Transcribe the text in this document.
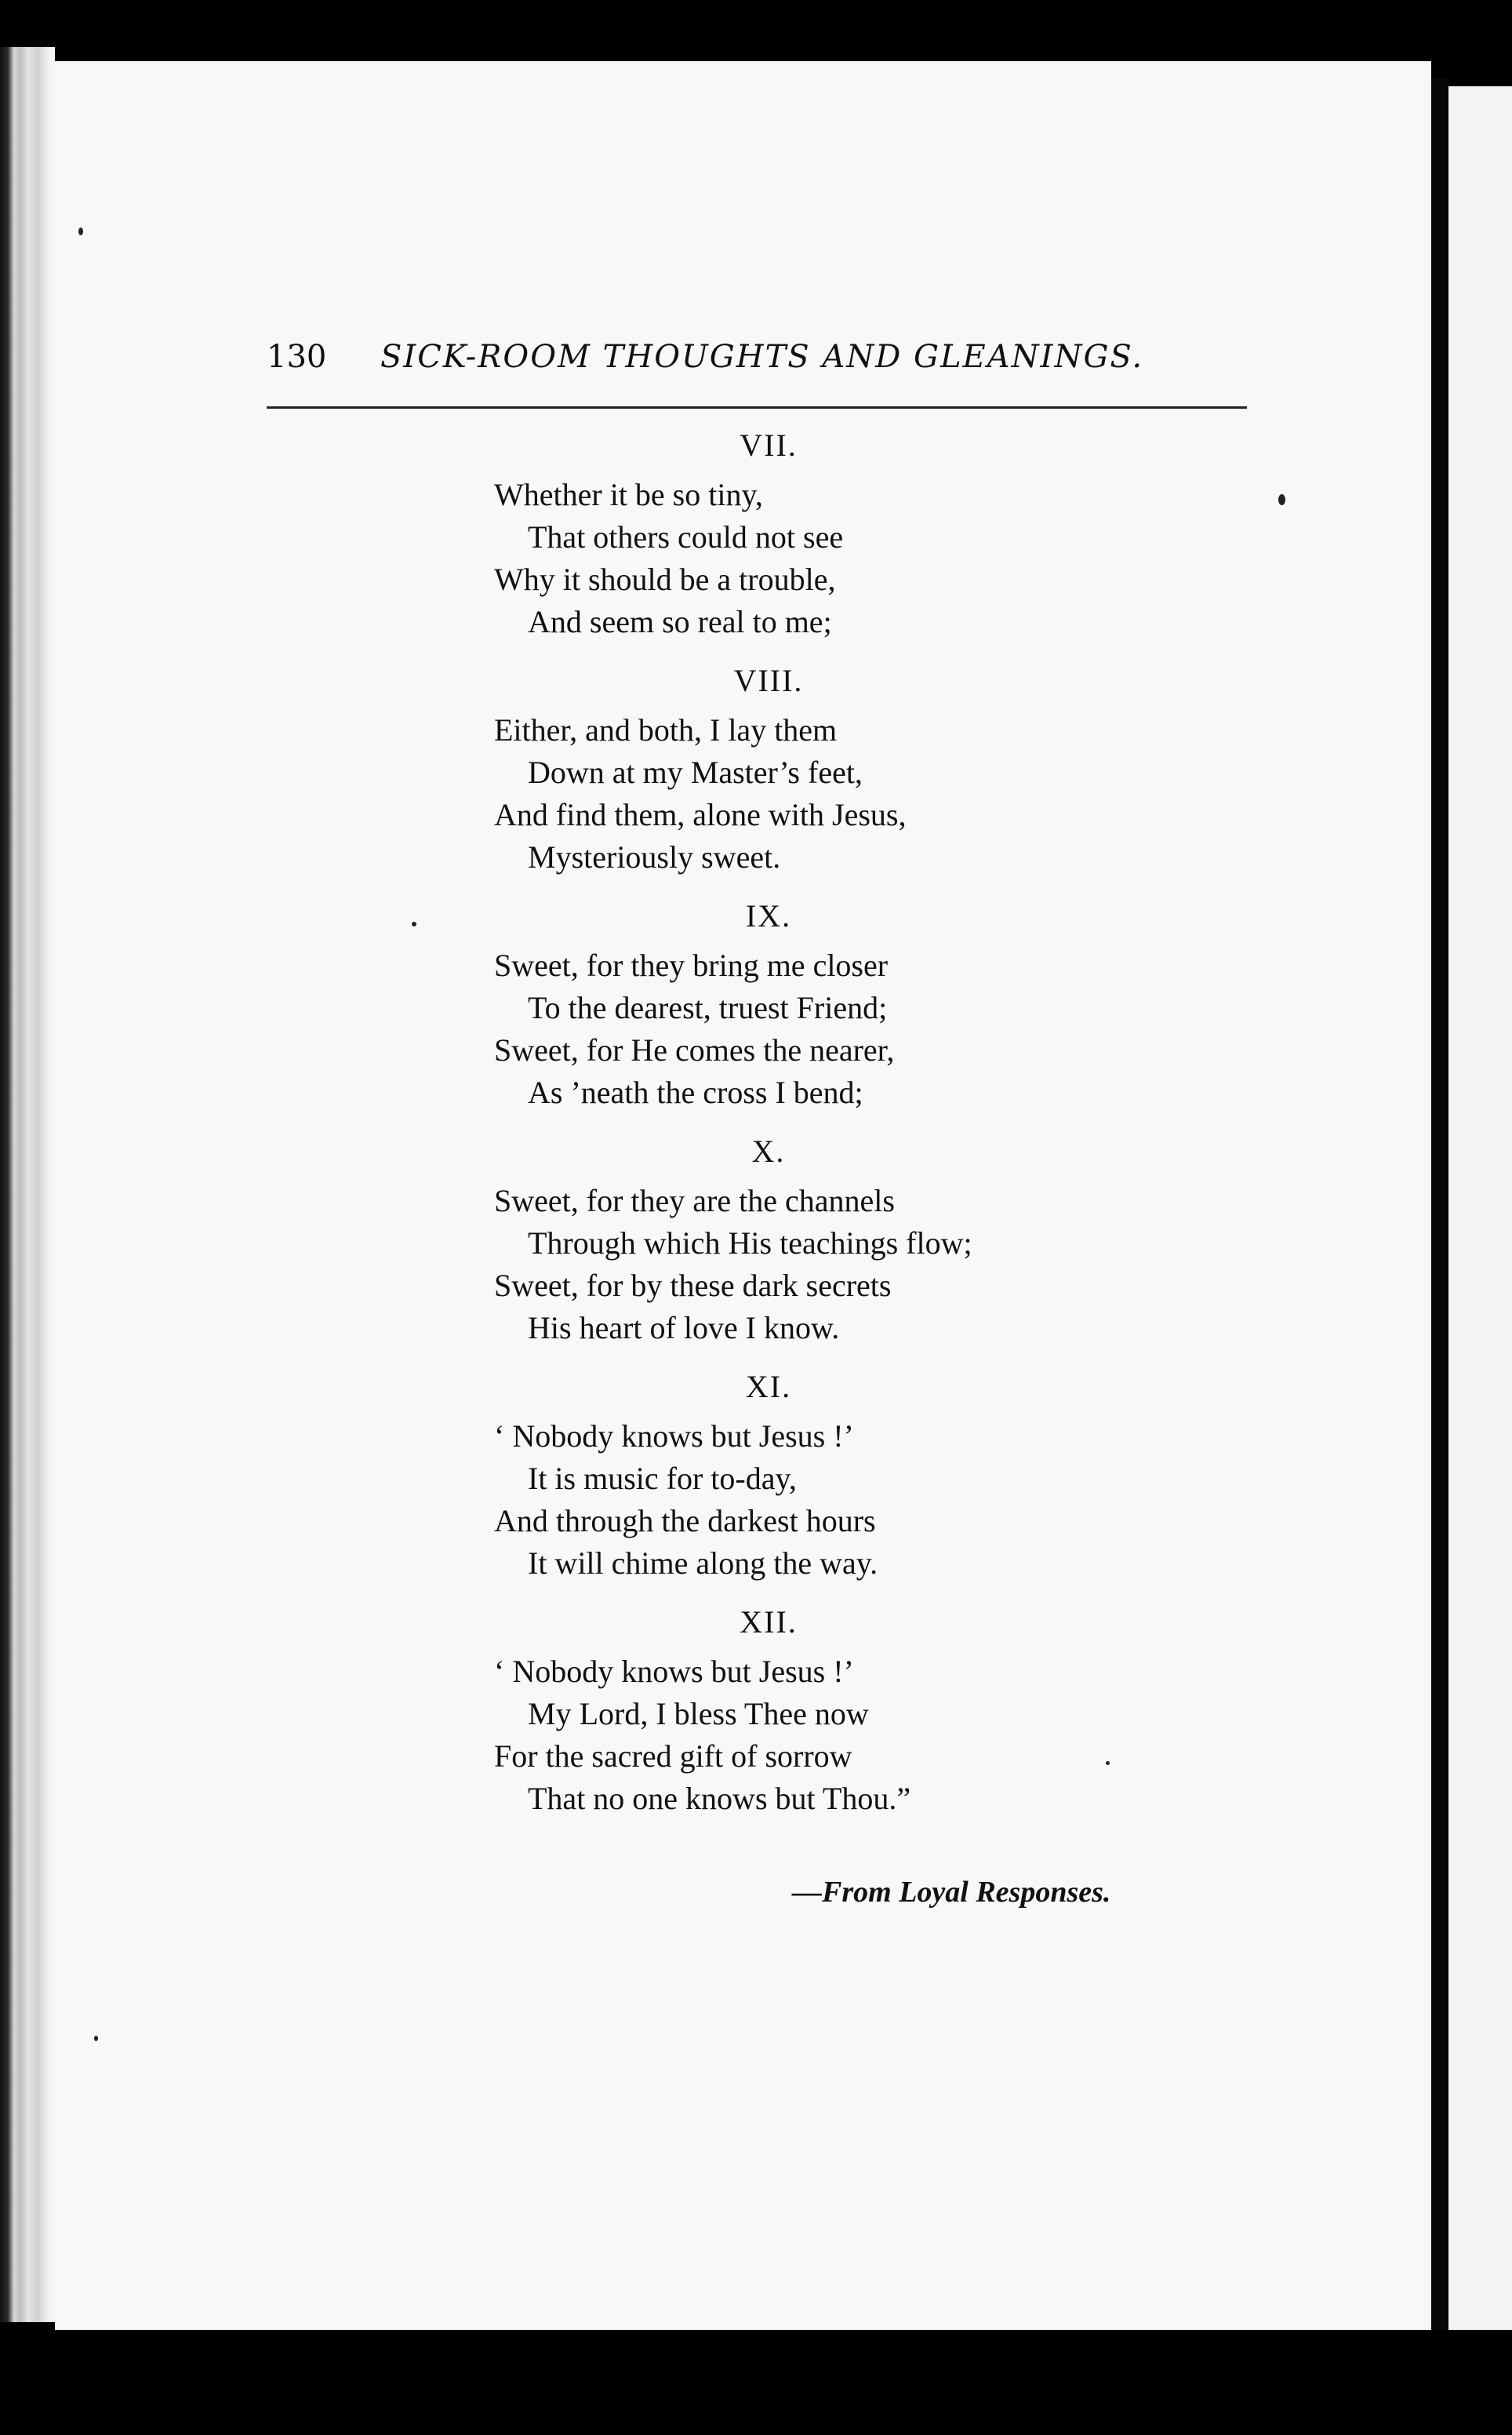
130 SICK-ROOM THOUGHTS AND GLEANINGS.
VII.
Whether it be so tiny,
That others could not see
Why it should be a trouble,
And seem so real to me;
VIII.
Either, and both, I lay them
Down at my Master’s feet,
And find them, alone with Jesus,
Mysteriously sweet.
IX.
Sweet, for they bring me closer
To the dearest, truest Friend;
Sweet, for He comes the nearer,
As ’neath the cross I bend;
X.
Sweet, for they are the channels
Through which His teachings flow;
Sweet, for by these dark secrets
His heart of love I know.
XI.
‘ Nobody knows but Jesus !’
It is music for to-day,
And through the darkest hours
It will chime along the way.
XII.
‘ Nobody knows but Jesus !’
My Lord, I bless Thee now
For the sacred gift of sorrow
That no one knows but Thou.”
—From Loyal Responses.
